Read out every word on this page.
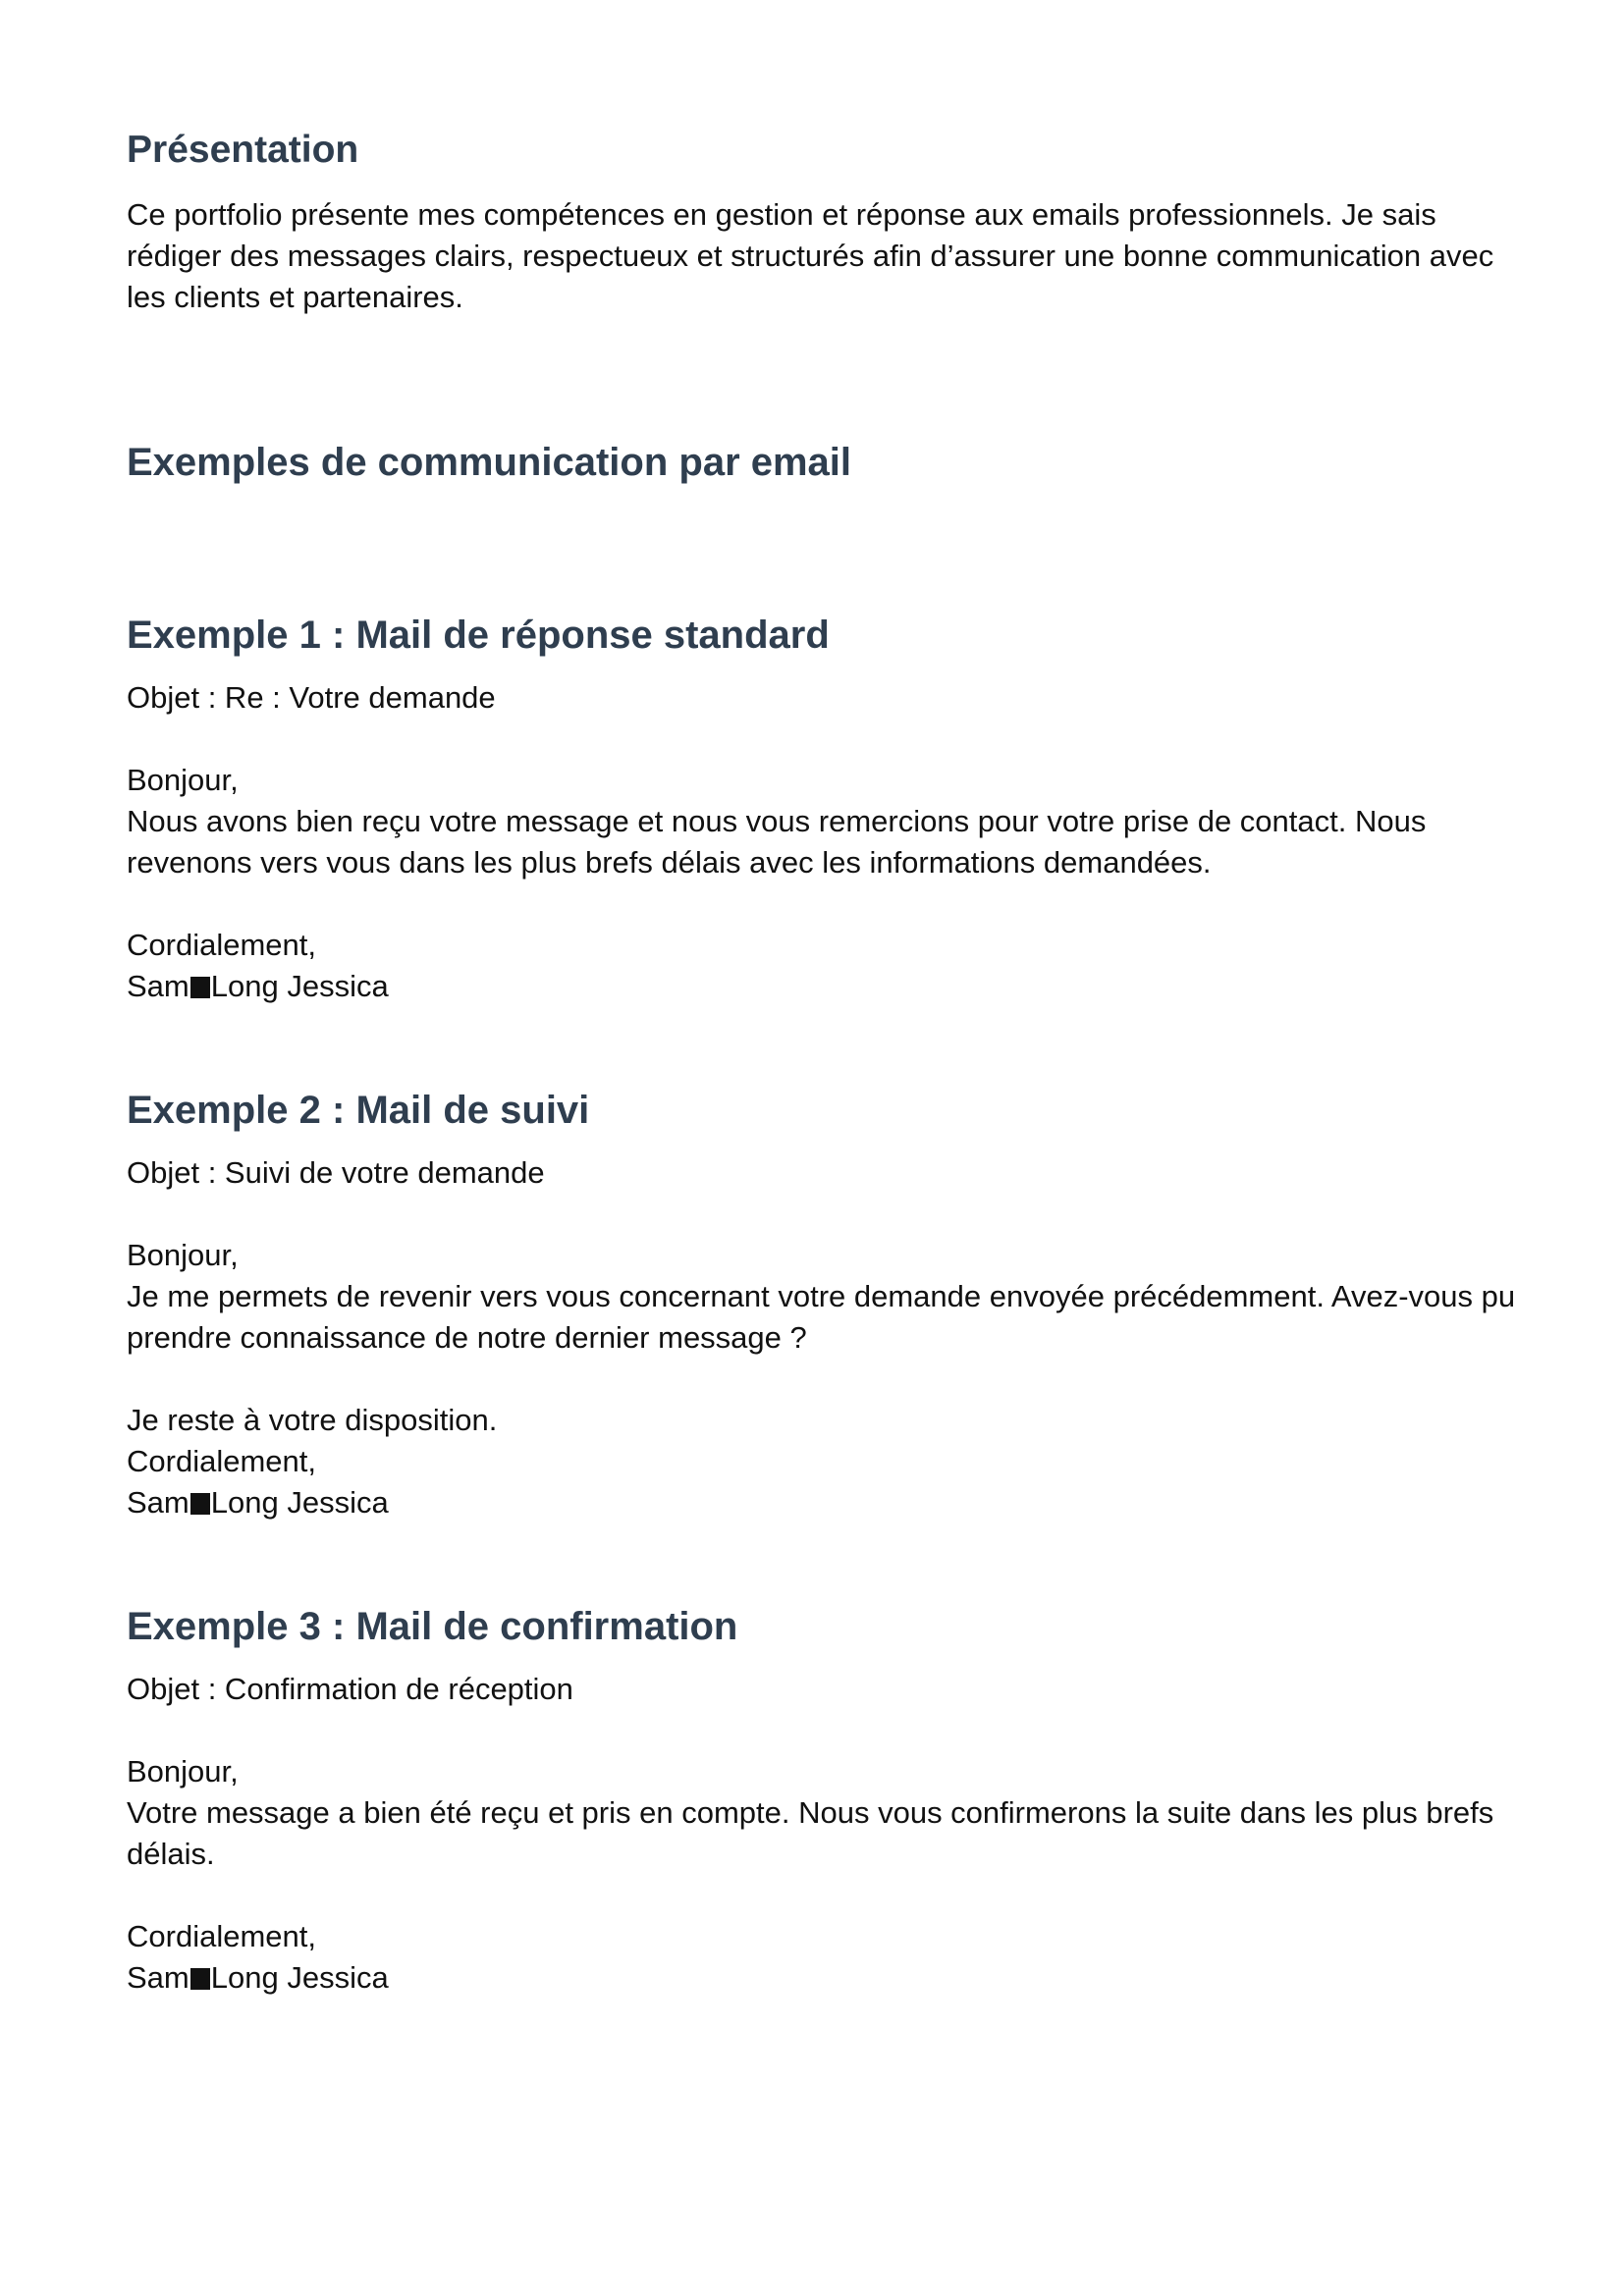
Présentation

Ce portfolio présente mes compétences en gestion et réponse aux emails professionnels. Je sais rédiger des messages clairs, respectueux et structurés afin d’assurer une bonne communication avec les clients et partenaires.

Exemples de communication par email
Exemple 1 : Mail de réponse standard

Objet : Re : Votre demande

Bonjour,

Nous avons bien reçu votre message et nous vous remercions pour votre prise de contact. Nous revenons vers vous dans les plus brefs délais avec les informations demandées.

Cordialement,

Sam Long Jessica

Exemple 2 : Mail de suivi

Objet : Suivi de votre demande

Bonjour,

Je me permets de revenir vers vous concernant votre demande envoyée précédemment. Avez-vous pu prendre connaissance de notre dernier message ?

Je reste à votre disposition.

Cordialement,

Sam Long Jessica

Exemple 3 : Mail de confirmation

Objet : Confirmation de réception

Bonjour,

Votre message a bien été reçu et pris en compte. Nous vous confirmerons la suite dans les plus brefs délais.

Cordialement,

Sam Long Jessica
